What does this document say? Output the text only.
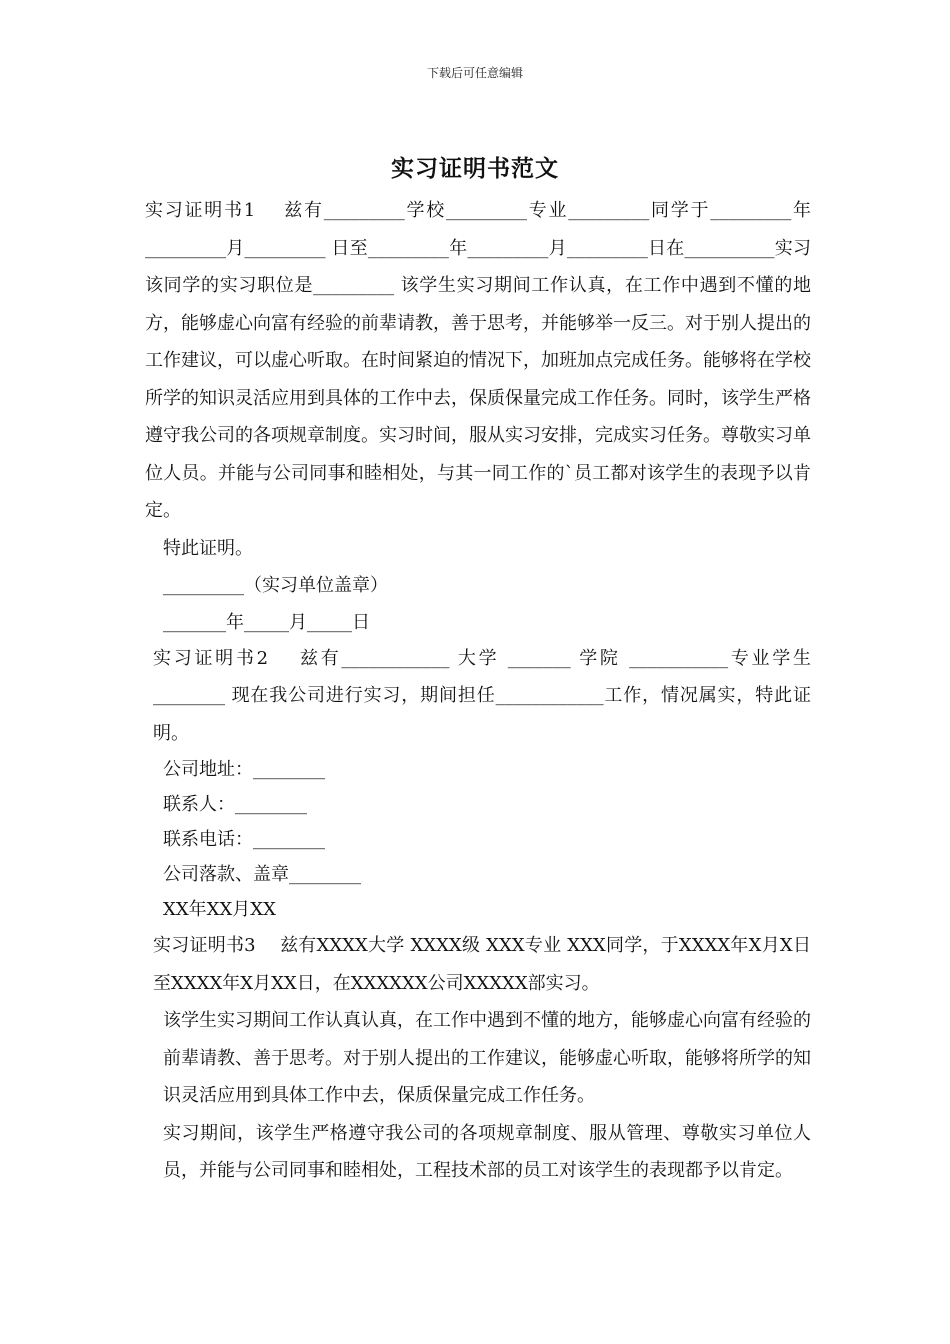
下载后可任意编辑
实习证明书范文

实习证明书1　 兹有_________学校_________专业_________同学于_________年_________月_________ 日至_________年_________月_________日在__________实习 该同学的实习职位是_________ 该学生实习期间工作认真，在工作中遇到不懂的地方，能够虚心向富有经验的前辈请教，善于思考，并能够举一反三。对于别人提出的工作建议，可以虚心听取。在时间紧迫的情况下，加班加点完成任务。能够将在学校所学的知识灵活应用到具体的工作中去，保质保量完成工作任务。同时，该学生严格遵守我公司的各项规章制度。实习时间，服从实习安排，完成实习任务。尊敬实习单位人员。并能与公司同事和睦相处，与其一同工作的`员工都对该学生的表现予以肯定。

特此证明。

_________（实习单位盖章）

_______年_____月_____日

实习证明书2　 兹有____________ 大学 _______ 学院 ___________专业学生________ 现在我公司进行实习，期间担任____________工作，情况属实，特此证明。

公司地址：________

联系人：________

联系电话：________

公司落款、盖章________

XX年XX月XX

实习证明书3　 兹有XXXX大学 XXXX级 XXX专业 XXX同学，于XXXX年X月X日至XXXX年X月XX日，在XXXXXX公司XXXXX部实习。

该学生实习期间工作认真认真，在工作中遇到不懂的地方，能够虚心向富有经验的前辈请教、善于思考。对于别人提出的工作建议，能够虚心听取，能够将所学的知识灵活应用到具体工作中去，保质保量完成工作任务。

实习期间，该学生严格遵守我公司的各项规章制度、服从管理、尊敬实习单位人员，并能与公司同事和睦相处，工程技术部的员工对该学生的表现都予以肯定。
